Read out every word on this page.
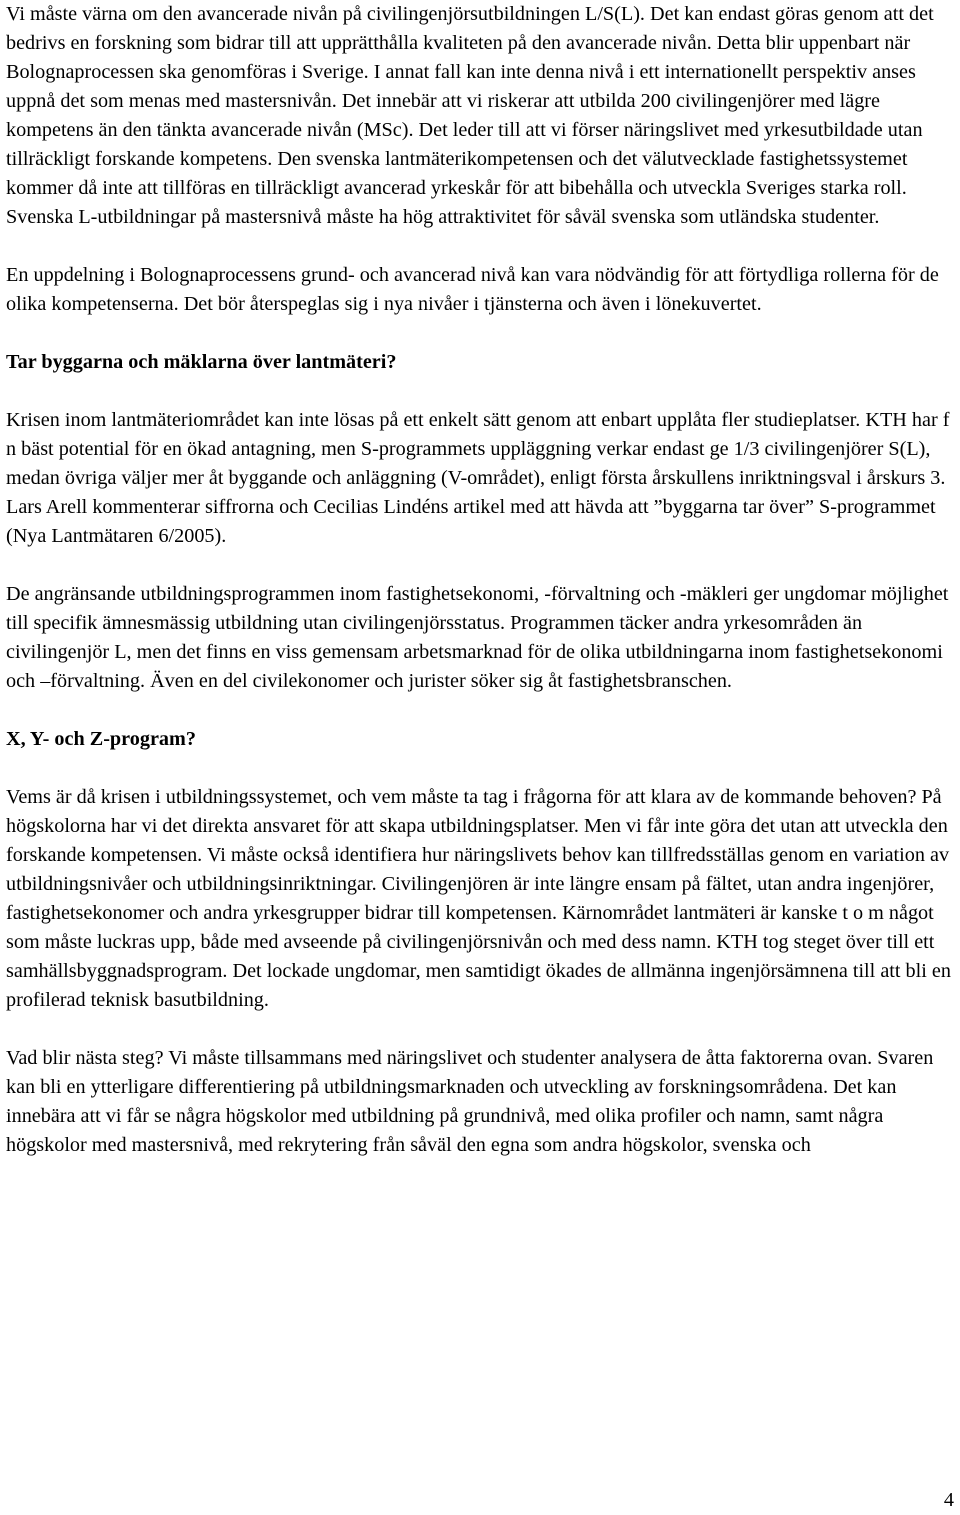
Vi måste värna om den avancerade nivån på civilingenjörsutbildningen L/S(L). Det kan endast göras genom att det bedrivs en forskning som bidrar till att upprätthålla kvaliteten på den avancerade nivån. Detta blir uppenbart när Bolognaprocessen ska genomföras i Sverige. I annat fall kan inte denna nivå i ett internationellt perspektiv anses uppnå det som menas med mastersnivån. Det innebär att vi riskerar att utbilda 200 civilingenjörer med lägre kompetens än den tänkta avancerade nivån (MSc). Det leder till att vi förser näringslivet med yrkesutbildade utan tillräckligt forskande kompetens. Den svenska lantmäterikompetensen och det välutvecklade fastighetssystemet kommer då inte att tillföras en tillräckligt avancerad yrkeskår för att bibehålla och utveckla Sveriges starka roll. Svenska L-utbildningar på mastersnivå måste ha hög attraktivitet för såväl svenska som utländska studenter.

En uppdelning i Bolognaprocessens grund- och avancerad nivå kan vara nödvändig för att förtydliga rollerna för de olika kompetenserna. Det bör återspeglas sig i nya nivåer i tjänsterna och även i lönekuvertet.

Tar byggarna och mäklarna över lantmäteri?

Krisen inom lantmäteriområdet kan inte lösas på ett enkelt sätt genom att enbart upplåta fler studieplatser. KTH har f n bäst potential för en ökad antagning, men S-programmets uppläggning verkar endast ge 1/3 civilingenjörer S(L), medan övriga väljer mer åt byggande och anläggning (V-området), enligt första årskullens inriktningsval i årskurs 3. Lars Arell kommenterar siffrorna och Cecilias Lindéns artikel med att hävda att ”byggarna tar över” S-programmet (Nya Lantmätaren 6/2005).

De angränsande utbildningsprogrammen inom fastighetsekonomi, -förvaltning och -mäkleri ger ungdomar möjlighet till specifik ämnesmässig utbildning utan civilingenjörsstatus. Programmen täcker andra yrkesområden än civilingenjör L, men det finns en viss gemensam arbetsmarknad för de olika utbildningarna inom fastighetsekonomi och –förvaltning. Även en del civilekonomer och jurister söker sig åt fastighetsbranschen.

X, Y- och Z-program?

Vems är då krisen i utbildningssystemet, och vem måste ta tag i frågorna för att klara av de kommande behoven? På högskolorna har vi det direkta ansvaret för att skapa utbildningsplatser. Men vi får inte göra det utan att utveckla den forskande kompetensen. Vi måste också identifiera hur näringslivets behov kan tillfredsställas genom en variation av utbildningsnivåer och utbildningsinriktningar. Civilingenjören är inte längre ensam på fältet, utan andra ingenjörer, fastighetsekonomer och andra yrkesgrupper bidrar till kompetensen. Kärnområdet lantmäteri är kanske t o m något som måste luckras upp, både med avseende på civilingenjörsnivån och med dess namn. KTH tog steget över till ett samhällsbyggnadsprogram. Det lockade ungdomar, men samtidigt ökades de allmänna ingenjörsämnena till att bli en profilerad teknisk basutbildning.

Vad blir nästa steg? Vi måste tillsammans med näringslivet och studenter analysera de åtta faktorerna ovan. Svaren kan bli en ytterligare differentiering på utbildningsmarknaden och utveckling av forskningsområdena. Det kan innebära att vi får se några högskolor med utbildning på grundnivå, med olika profiler och namn, samt några högskolor med mastersnivå, med rekrytering från såväl den egna som andra högskolor, svenska och

4
